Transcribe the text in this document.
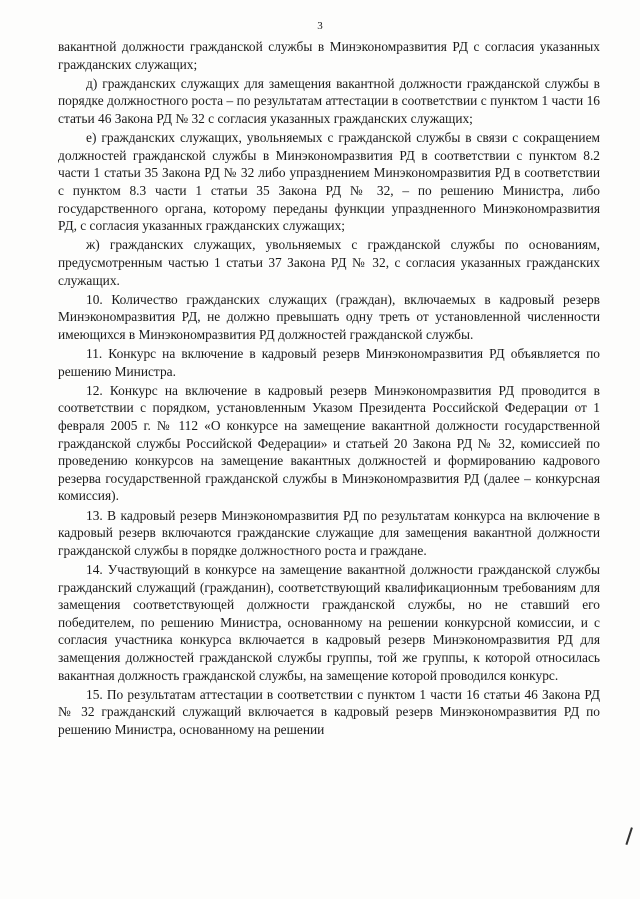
3

вакантной должности гражданской службы в Минэкономразвития РД с согласия указанных гражданских служащих;

д) гражданских служащих для замещения вакантной должности гражданской службы в порядке должностного роста – по результатам аттестации в соответствии с пунктом 1 части 16 статьи 46 Закона РД № 32 с согласия указанных гражданских служащих;

е) гражданских служащих, увольняемых с гражданской службы в связи с сокращением должностей гражданской службы в Минэкономразвития РД в соответствии с пунктом 8.2 части 1 статьи 35 Закона РД № 32 либо упразднением Минэкономразвития РД в соответствии с пунктом 8.3 части 1 статьи 35 Закона РД № 32, – по решению Министра, либо государственного органа, которому переданы функции упраздненного Минэкономразвития РД, с согласия указанных гражданских служащих;

ж) гражданских служащих, увольняемых с гражданской службы по основаниям, предусмотренным частью 1 статьи 37 Закона РД № 32, с согласия указанных гражданских служащих.

10. Количество гражданских служащих (граждан), включаемых в кадровый резерв Минэкономразвития РД, не должно превышать одну треть от установленной численности имеющихся в Минэкономразвития РД должностей гражданской службы.

11. Конкурс на включение в кадровый резерв Минэкономразвития РД объявляется по решению Министра.

12. Конкурс на включение в кадровый резерв Минэкономразвития РД проводится в соответствии с порядком, установленным Указом Президента Российской Федерации от 1 февраля 2005 г. № 112 «О конкурсе на замещение вакантной должности государственной гражданской службы Российской Федерации» и статьей 20 Закона РД № 32, комиссией по проведению конкурсов на замещение вакантных должностей и формированию кадрового резерва государственной гражданской службы в Минэкономразвития РД (далее – конкурсная комиссия).

13. В кадровый резерв Минэкономразвития РД по результатам конкурса на включение в кадровый резерв включаются гражданские служащие для замещения вакантной должности гражданской службы в порядке должностного роста и граждане.

14. Участвующий в конкурсе на замещение вакантной должности гражданской службы гражданский служащий (гражданин), соответствующий квалификационным требованиям для замещения соответствующей должности гражданской службы, но не ставший его победителем, по решению Министра, основанному на решении конкурсной комиссии, и с согласия участника конкурса включается в кадровый резерв Минэкономразвития РД для замещения должностей гражданской службы группы, той же группы, к которой относилась вакантная должность гражданской службы, на замещение которой проводился конкурс.

15. По результатам аттестации в соответствии с пунктом 1 части 16 статьи 46 Закона РД № 32 гражданский служащий включается в кадровый резерв Минэкономразвития РД по решению Министра, основанному на решении
